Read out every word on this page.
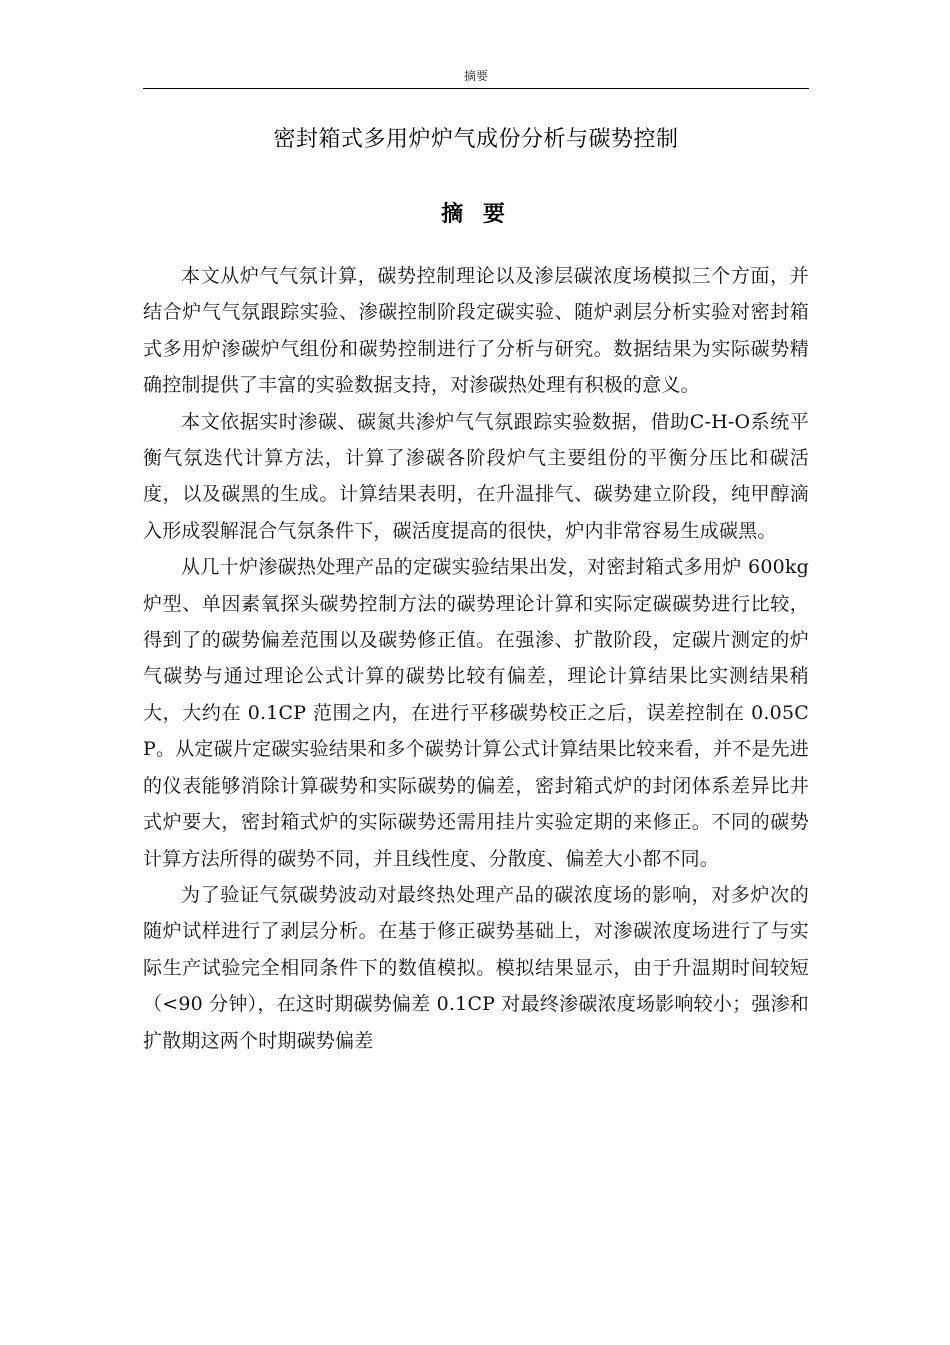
摘要
密封箱式多用炉炉气成份分析与碳势控制
摘 要

本文从炉气气氛计算，碳势控制理论以及渗层碳浓度场模拟三个方面，并结合炉气气氛跟踪实验、渗碳控制阶段定碳实验、随炉剥层分析实验对密封箱式多用炉渗碳炉气组份和碳势控制进行了分析与研究。数据结果为实际碳势精确控制提供了丰富的实验数据支持，对渗碳热处理有积极的意义。

本文依据实时渗碳、碳氮共渗炉气气氛跟踪实验数据，借助C-H-O系统平衡气氛迭代计算方法，计算了渗碳各阶段炉气主要组份的平衡分压比和碳活度，以及碳黑的生成。计算结果表明，在升温排气、碳势建立阶段，纯甲醇滴入形成裂解混合气氛条件下，碳活度提高的很快，炉内非常容易生成碳黑。

从几十炉渗碳热处理产品的定碳实验结果出发，对密封箱式多用炉 600kg 炉型、单因素氧探头碳势控制方法的碳势理论计算和实际定碳碳势进行比较，得到了的碳势偏差范围以及碳势修正值。在强渗、扩散阶段，定碳片测定的炉气碳势与通过理论公式计算的碳势比较有偏差，理论计算结果比实测结果稍大，大约在 0.1CP 范围之内，在进行平移碳势校正之后，误差控制在 0.05CP。从定碳片定碳实验结果和多个碳势计算公式计算结果比较来看，并不是先进的仪表能够消除计算碳势和实际碳势的偏差，密封箱式炉的封闭体系差异比井式炉要大，密封箱式炉的实际碳势还需用挂片实验定期的来修正。不同的碳势计算方法所得的碳势不同，并且线性度、分散度、偏差大小都不同。

为了验证气氛碳势波动对最终热处理产品的碳浓度场的影响，对多炉次的随炉试样进行了剥层分析。在基于修正碳势基础上，对渗碳浓度场进行了与实际生产试验完全相同条件下的数值模拟。模拟结果显示，由于升温期时间较短（<90 分钟），在这时期碳势偏差 0.1CP 对最终渗碳浓度场影响较小；强渗和扩散期这两个时期碳势偏差
